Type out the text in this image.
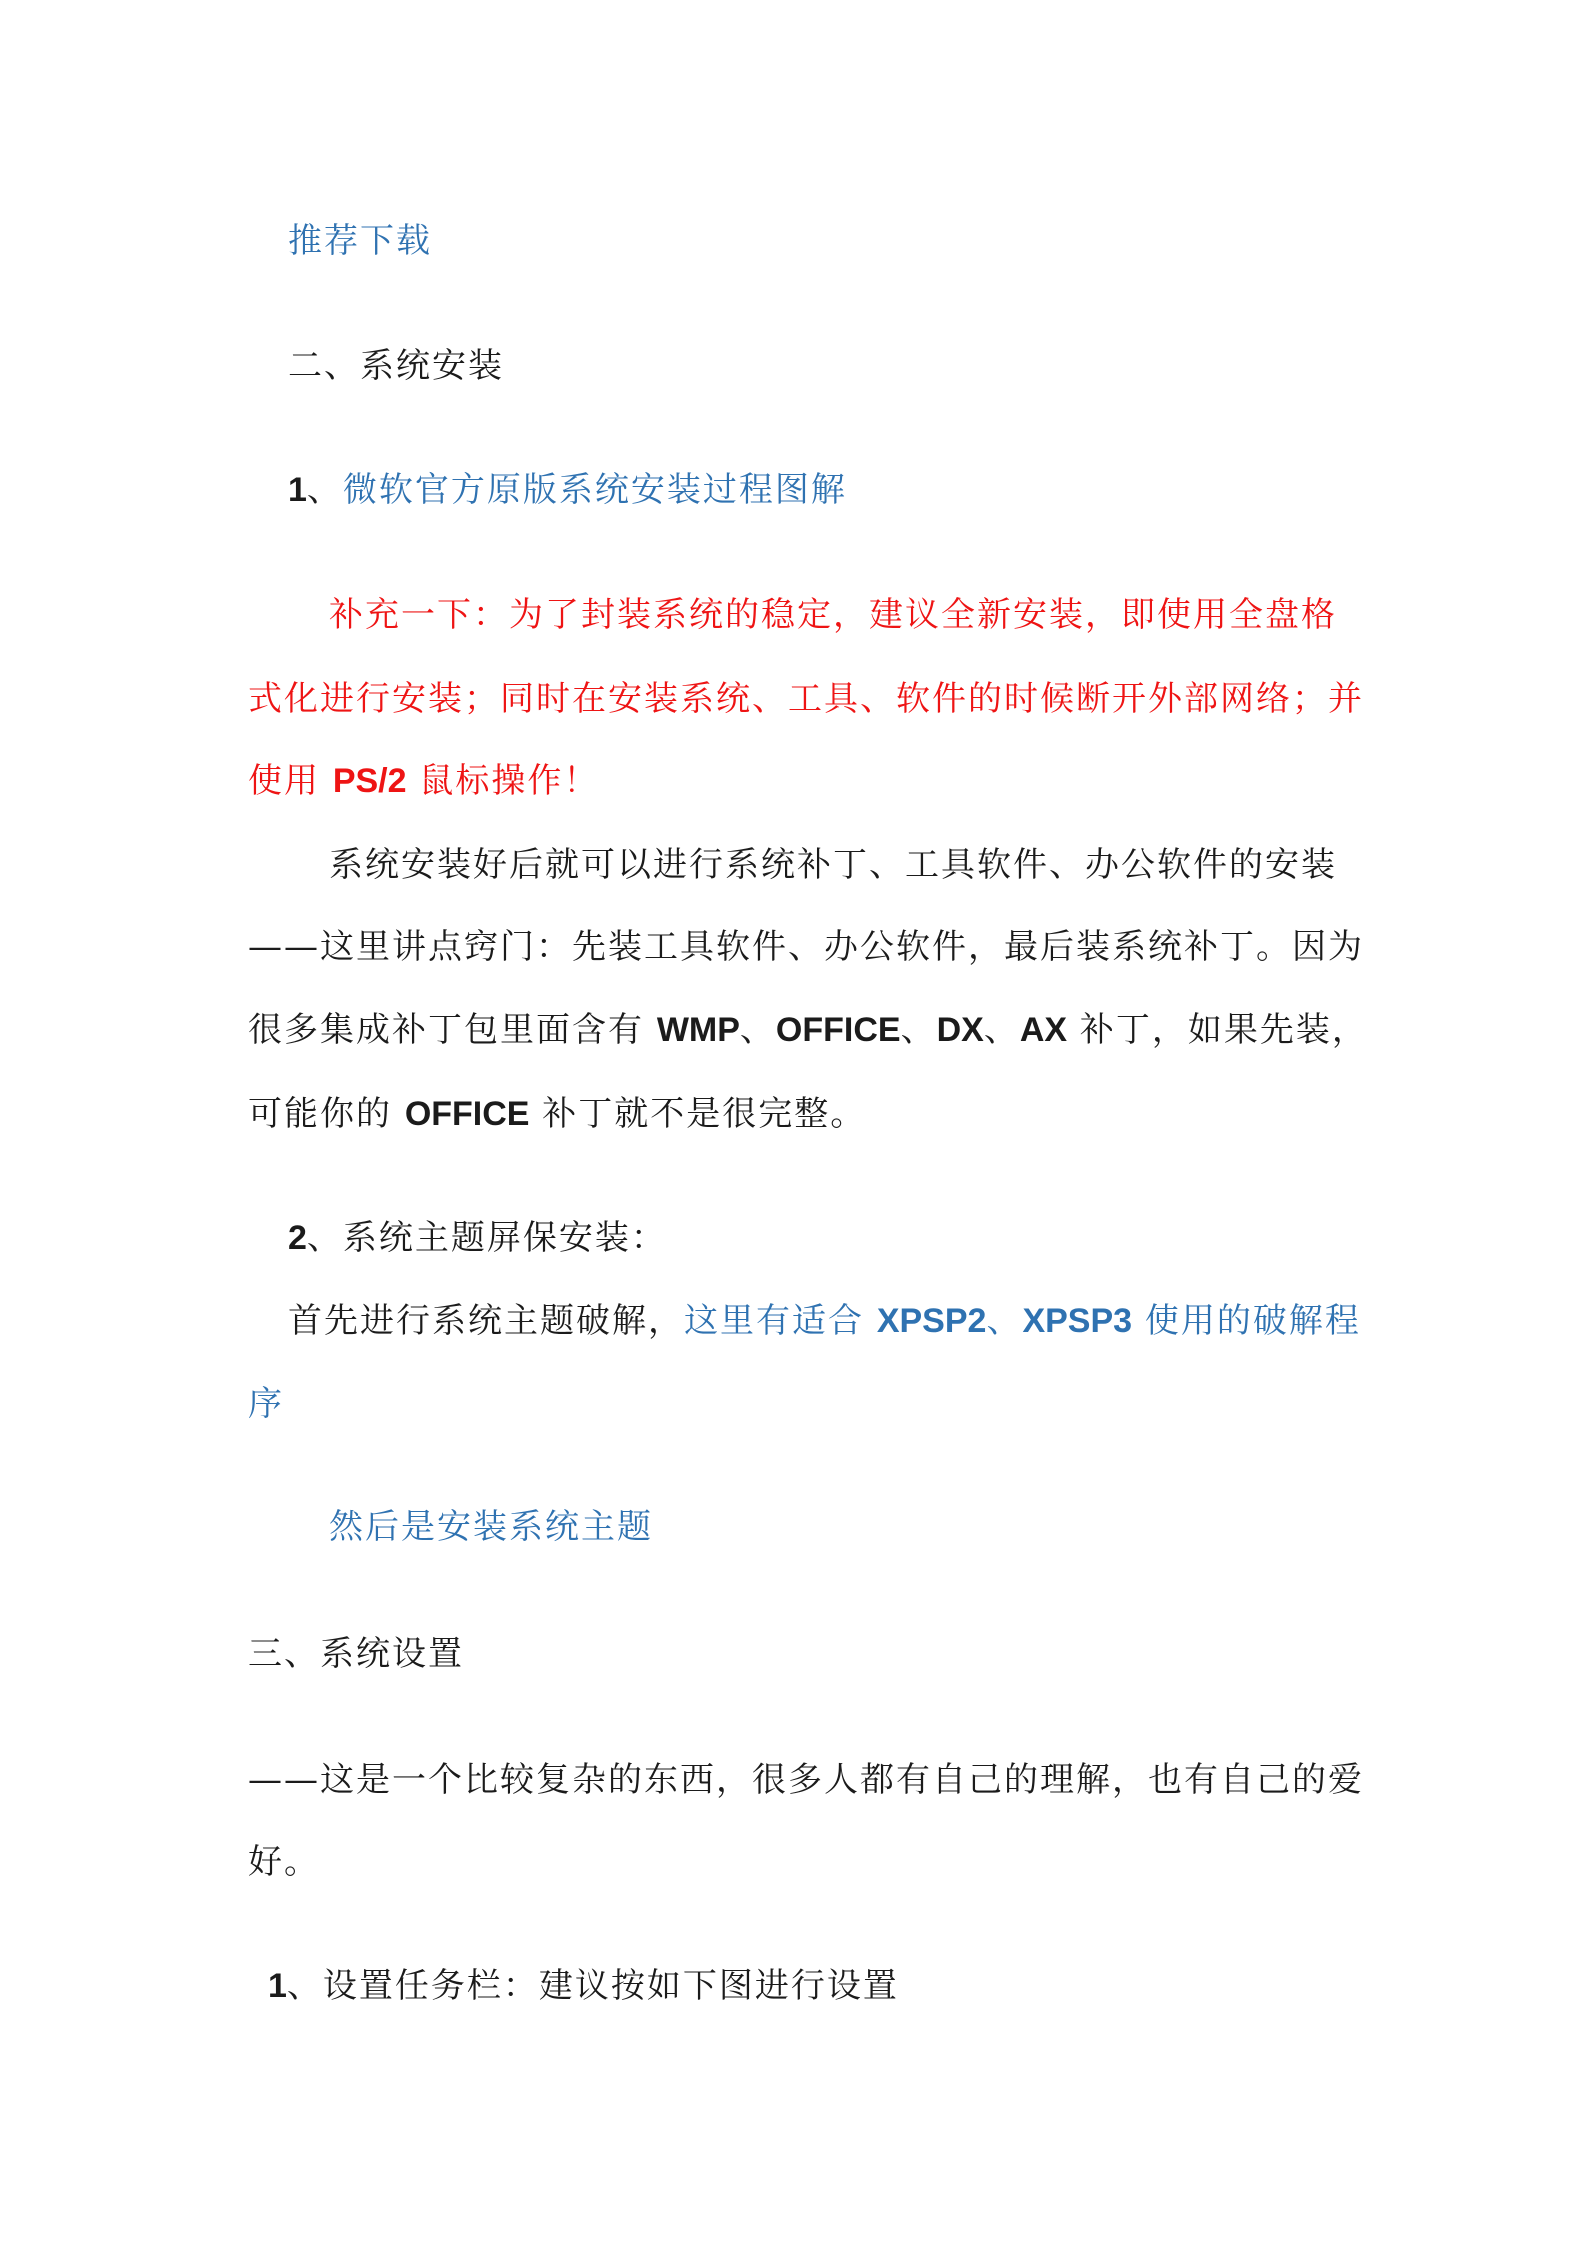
推荐下载
二、系统安装
1、微软官方原版系统安装过程图解
补充一下：为了封装系统的稳定，建议全新安装，即使用全盘格
式化进行安装；同时在安装系统、工具、软件的时候断开外部网络；并
使用 PS/2 鼠标操作！
系统安装好后就可以进行系统补丁、工具软件、办公软件的安装
——这里讲点窍门：先装工具软件、办公软件，最后装系统补丁。因为
很多集成补丁包里面含有 WMP、OFFICE、DX、AX 补丁，如果先装，
可能你的 OFFICE 补丁就不是很完整。
2、系统主题屏保安装：
首先进行系统主题破解，这里有适合 XPSP2、XPSP3 使用的破解程
序
然后是安装系统主题
三、系统设置
——这是一个比较复杂的东西，很多人都有自己的理解，也有自己的爱
好。
1、设置任务栏：建议按如下图进行设置
